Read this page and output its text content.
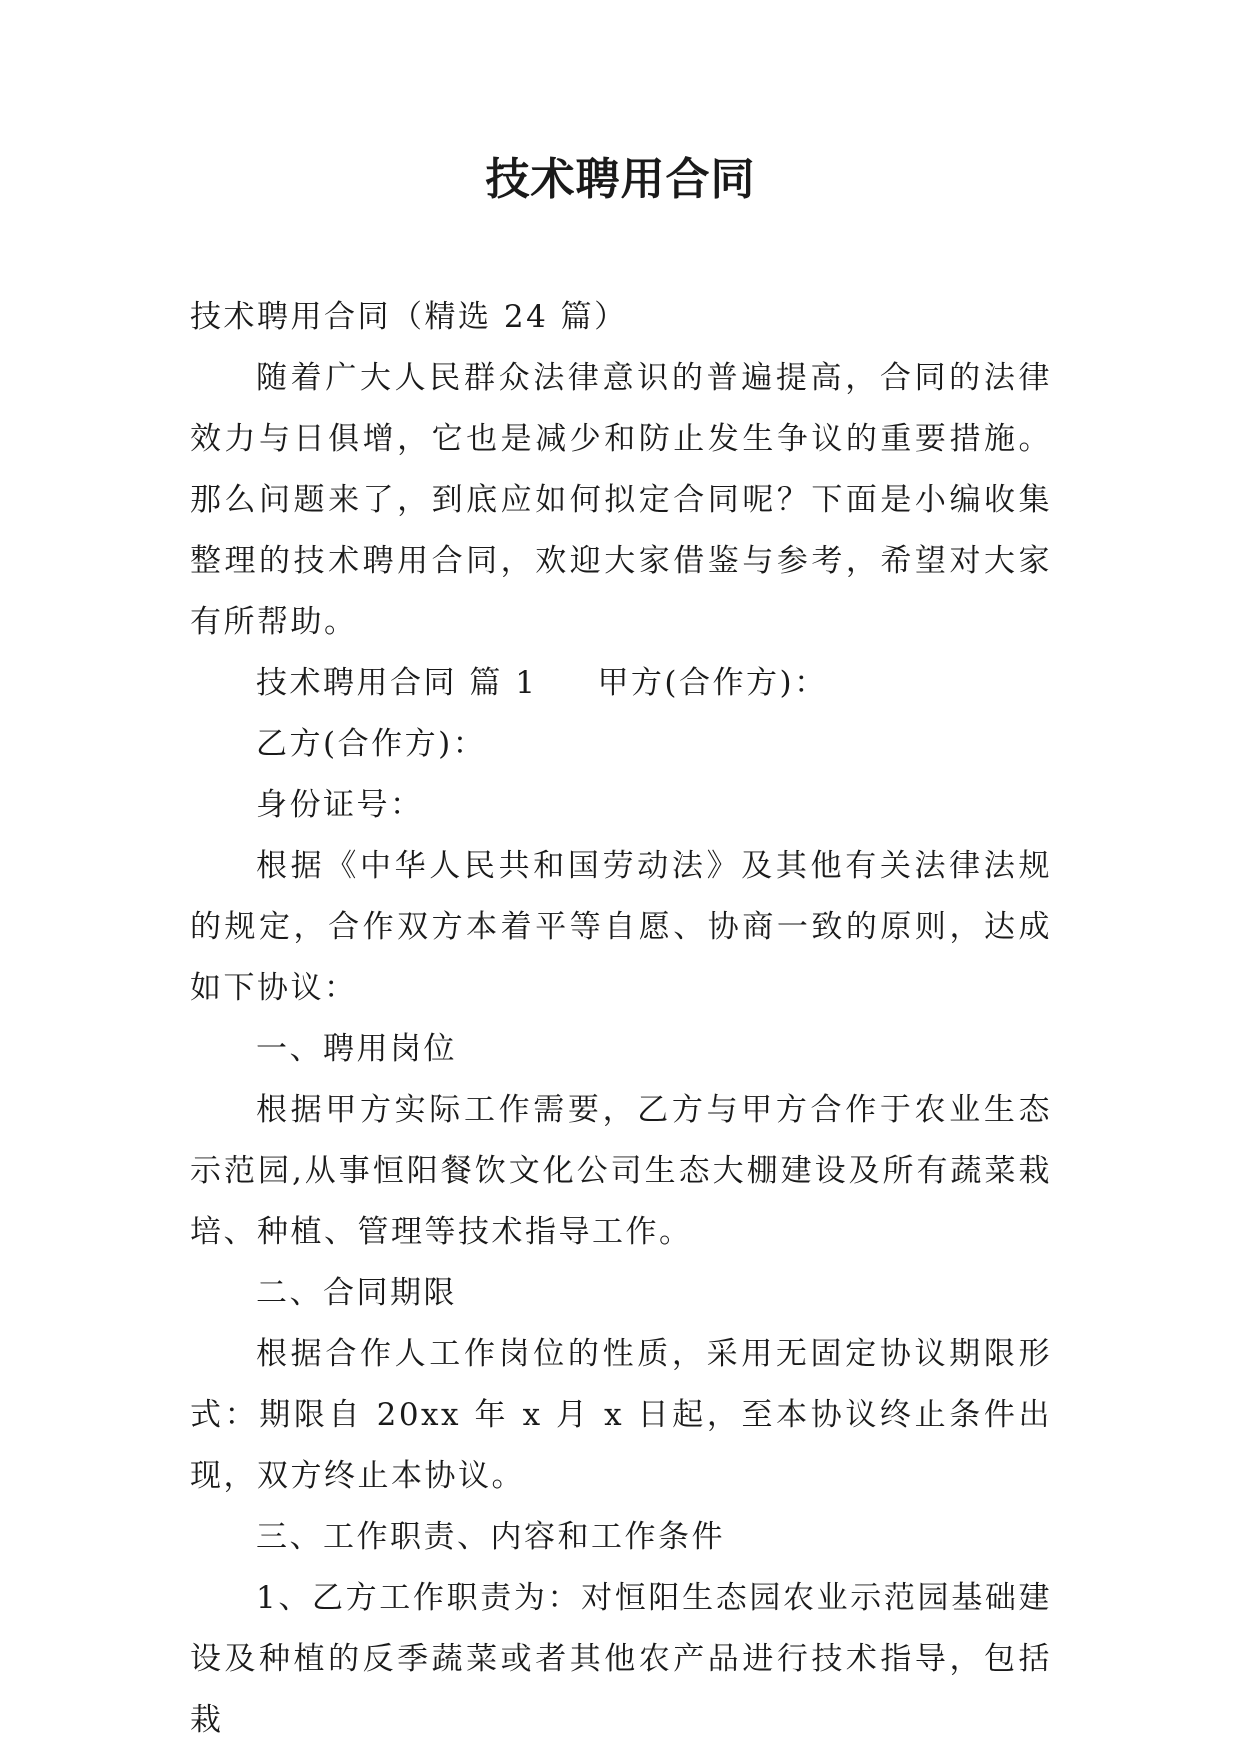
技术聘用合同

技术聘用合同（精选 24 篇）

随着广大人民群众法律意识的普遍提高，合同的法律效力与日俱增，它也是减少和防止发生争议的重要措施。那么问题来了，到底应如何拟定合同呢？下面是小编收集整理的技术聘用合同，欢迎大家借鉴与参考，希望对大家有所帮助。

技术聘用合同 篇 1 甲方(合作方)：

乙方(合作方)：

身份证号：

根据《中华人民共和国劳动法》及其他有关法律法规的规定，合作双方本着平等自愿、协商一致的原则，达成如下协议：

一、聘用岗位

根据甲方实际工作需要，乙方与甲方合作于农业生态示范园,从事恒阳餐饮文化公司生态大棚建设及所有蔬菜栽培、种植、管理等技术指导工作。

二、合同期限

根据合作人工作岗位的性质，采用无固定协议期限形式：期限自 20xx 年 x 月 x 日起，至本协议终止条件出现，双方终止本协议。

三、工作职责、内容和工作条件

1、乙方工作职责为：对恒阳生态园农业示范园基础建设及种植的反季蔬菜或者其他农产品进行技术指导，包括栽
